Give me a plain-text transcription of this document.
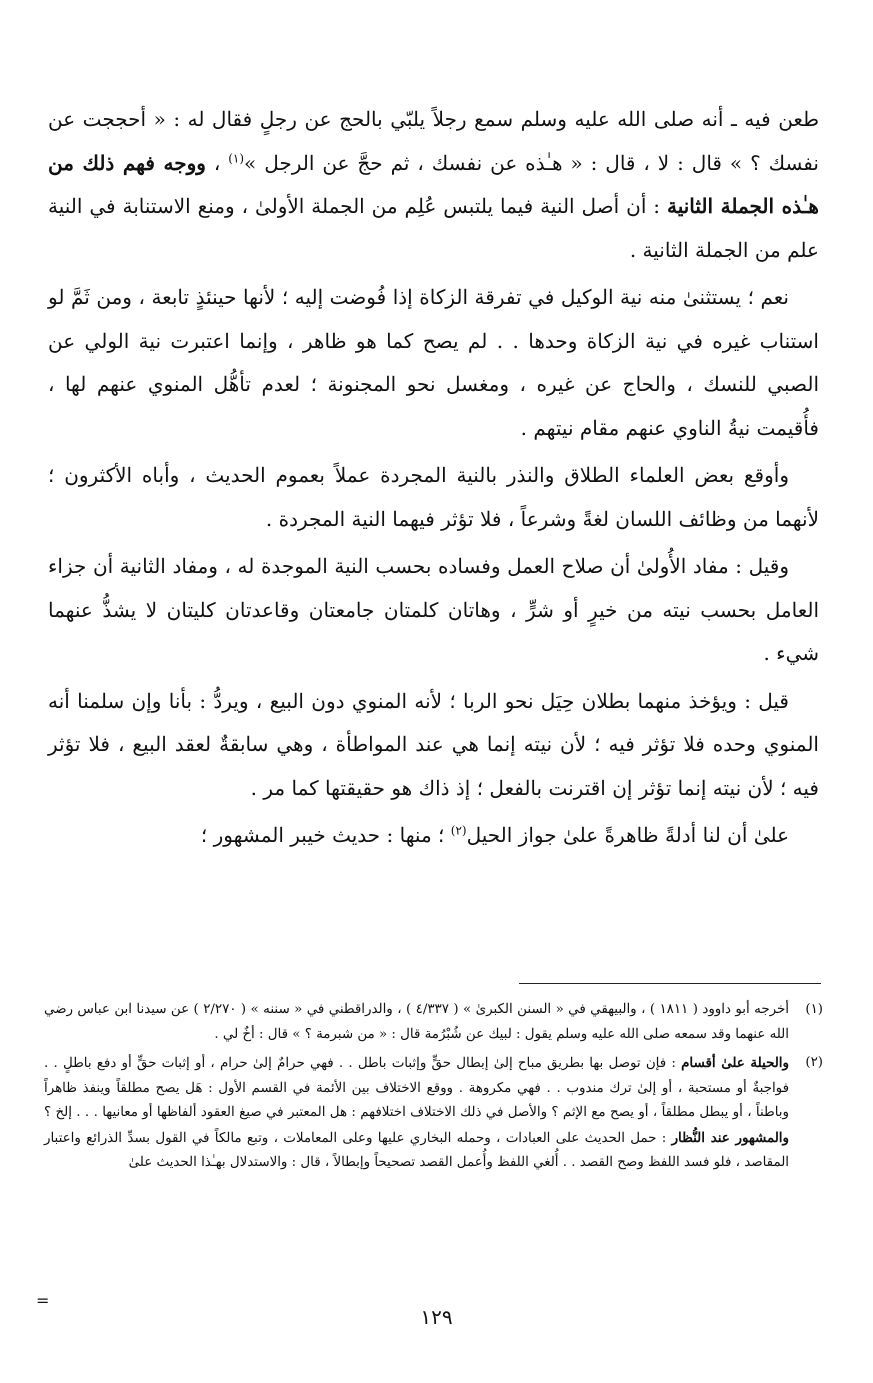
طعن فيه ـ أنه صلى الله عليه وسلم سمع رجلاً يلبّي بالحج عن رجلٍ فقال له : « أحججت عن نفسك ؟ » قال : لا ، قال : « هـٰذه عن نفسك ، ثم حجَّ عن الرجل »$^{(١)}$ ، ووجه فهم ذلك من هـٰذه الجملة الثانية : أن أصل النية فيما يلتبس عُلِم من الجملة الأولىٰ ، ومنع الاستنابة في النية علم من الجملة الثانية .

نعم ؛ يستثنىٰ منه نية الوكيل في تفرقة الزكاة إذا فُوضت إليه ؛ لأنها حينئذٍ تابعة ، ومن ثَمَّ لو استناب غيره في نية الزكاة وحدها . . لم يصح كما هو ظاهر ، وإنما اعتبرت نية الولي عن الصبي للنسك ، والحاج عن غيره ، ومغسل نحو المجنونة ؛ لعدم تأهُّل المنوي عنهم لها ، فأُقيمت نيةُ الناوي عنهم مقام نيتهم .

وأوقع بعض العلماء الطلاق والنذر بالنية المجردة عملاً بعموم الحديث ، وأباه الأكثرون ؛ لأنهما من وظائف اللسان لغةً وشرعاً ، فلا تؤثر فيهما النية المجردة .

وقيل : مفاد الأُولىٰ أن صلاح العمل وفساده بحسب النية الموجدة له ، ومفاد الثانية أن جزاء العامل بحسب نيته من خيرٍ أو شرٍّ ، وهاتان كلمتان جامعتان وقاعدتان كليتان لا يشذُّ عنهما شيء .

قيل : ويؤخذ منهما بطلان حِيَل نحو الربا ؛ لأنه المنوي دون البيع ، ويردُّ : بأنا وإن سلمنا أنه المنوي وحده فلا تؤثر فيه ؛ لأن نيته إنما هي عند المواطأة ، وهي سابقةٌ لعقد البيع ، فلا تؤثر فيه ؛ لأن نيته إنما تؤثر إن اقترنت بالفعل ؛ إذ ذاك هو حقيقتها كما مر .

علىٰ أن لنا أدلةً ظاهرةً علىٰ جواز الحيل$^{(٢)}$ ؛ منها : حديث خيبر المشهور ؛

(١)
أخرجه أبو داوود ( ١٨١١ ) ، والبيهقي في « السنن الكبرىٰ » ( ٤/٣٣٧ ) ، والدراقطني في « سننه » ( ٢/٢٧٠ ) عن سيدنا ابن عباس رضي الله عنهما وقد سمعه صلى الله عليه وسلم يقول : لبيك عن شُبْرُمة قال : « من شبرمة ؟ » قال : أخٌ لي .
(٢)
والحيلة علىٰ أقسام : فإن توصل بها بطريق مباح إلىٰ إبطال حقٍّ وإثبات باطل . . فهي حرامٌ إلىٰ حرام ، أو إثبات حقٍّ أو دفع باطلٍ . . فواجبةٌ أو مستحبة ، أو إلىٰ ترك مندوب . . فهي مكروهة . ووقع الاختلاف بين الأئمة في القسم الأول : هَل يصح مطلقاً وينفذ ظاهراً وباطناً ، أو يبطل مطلقاً ، أو يصح مع الإثم ؟ والأصل في ذلك الاختلاف اختلافهم : هل المعتبر في صيغ العقود ألفاظها أو معانيها . . . إلخ ؟ والمشهور عند النُّظار : حمل الحديث على العبادات ، وحمله البخاري عليها وعلى المعاملات ، وتبع مالكاً في القول بسدِّ الذرائع واعتبار المقاصد ، فلو فسد اللفظ وصح القصد . . أُلغي اللفظ وأُعمل القصد تصحيحاً وإبطالاً ، قال : والاستدلال بهـٰذا الحديث علىٰ
=
١٢٩
